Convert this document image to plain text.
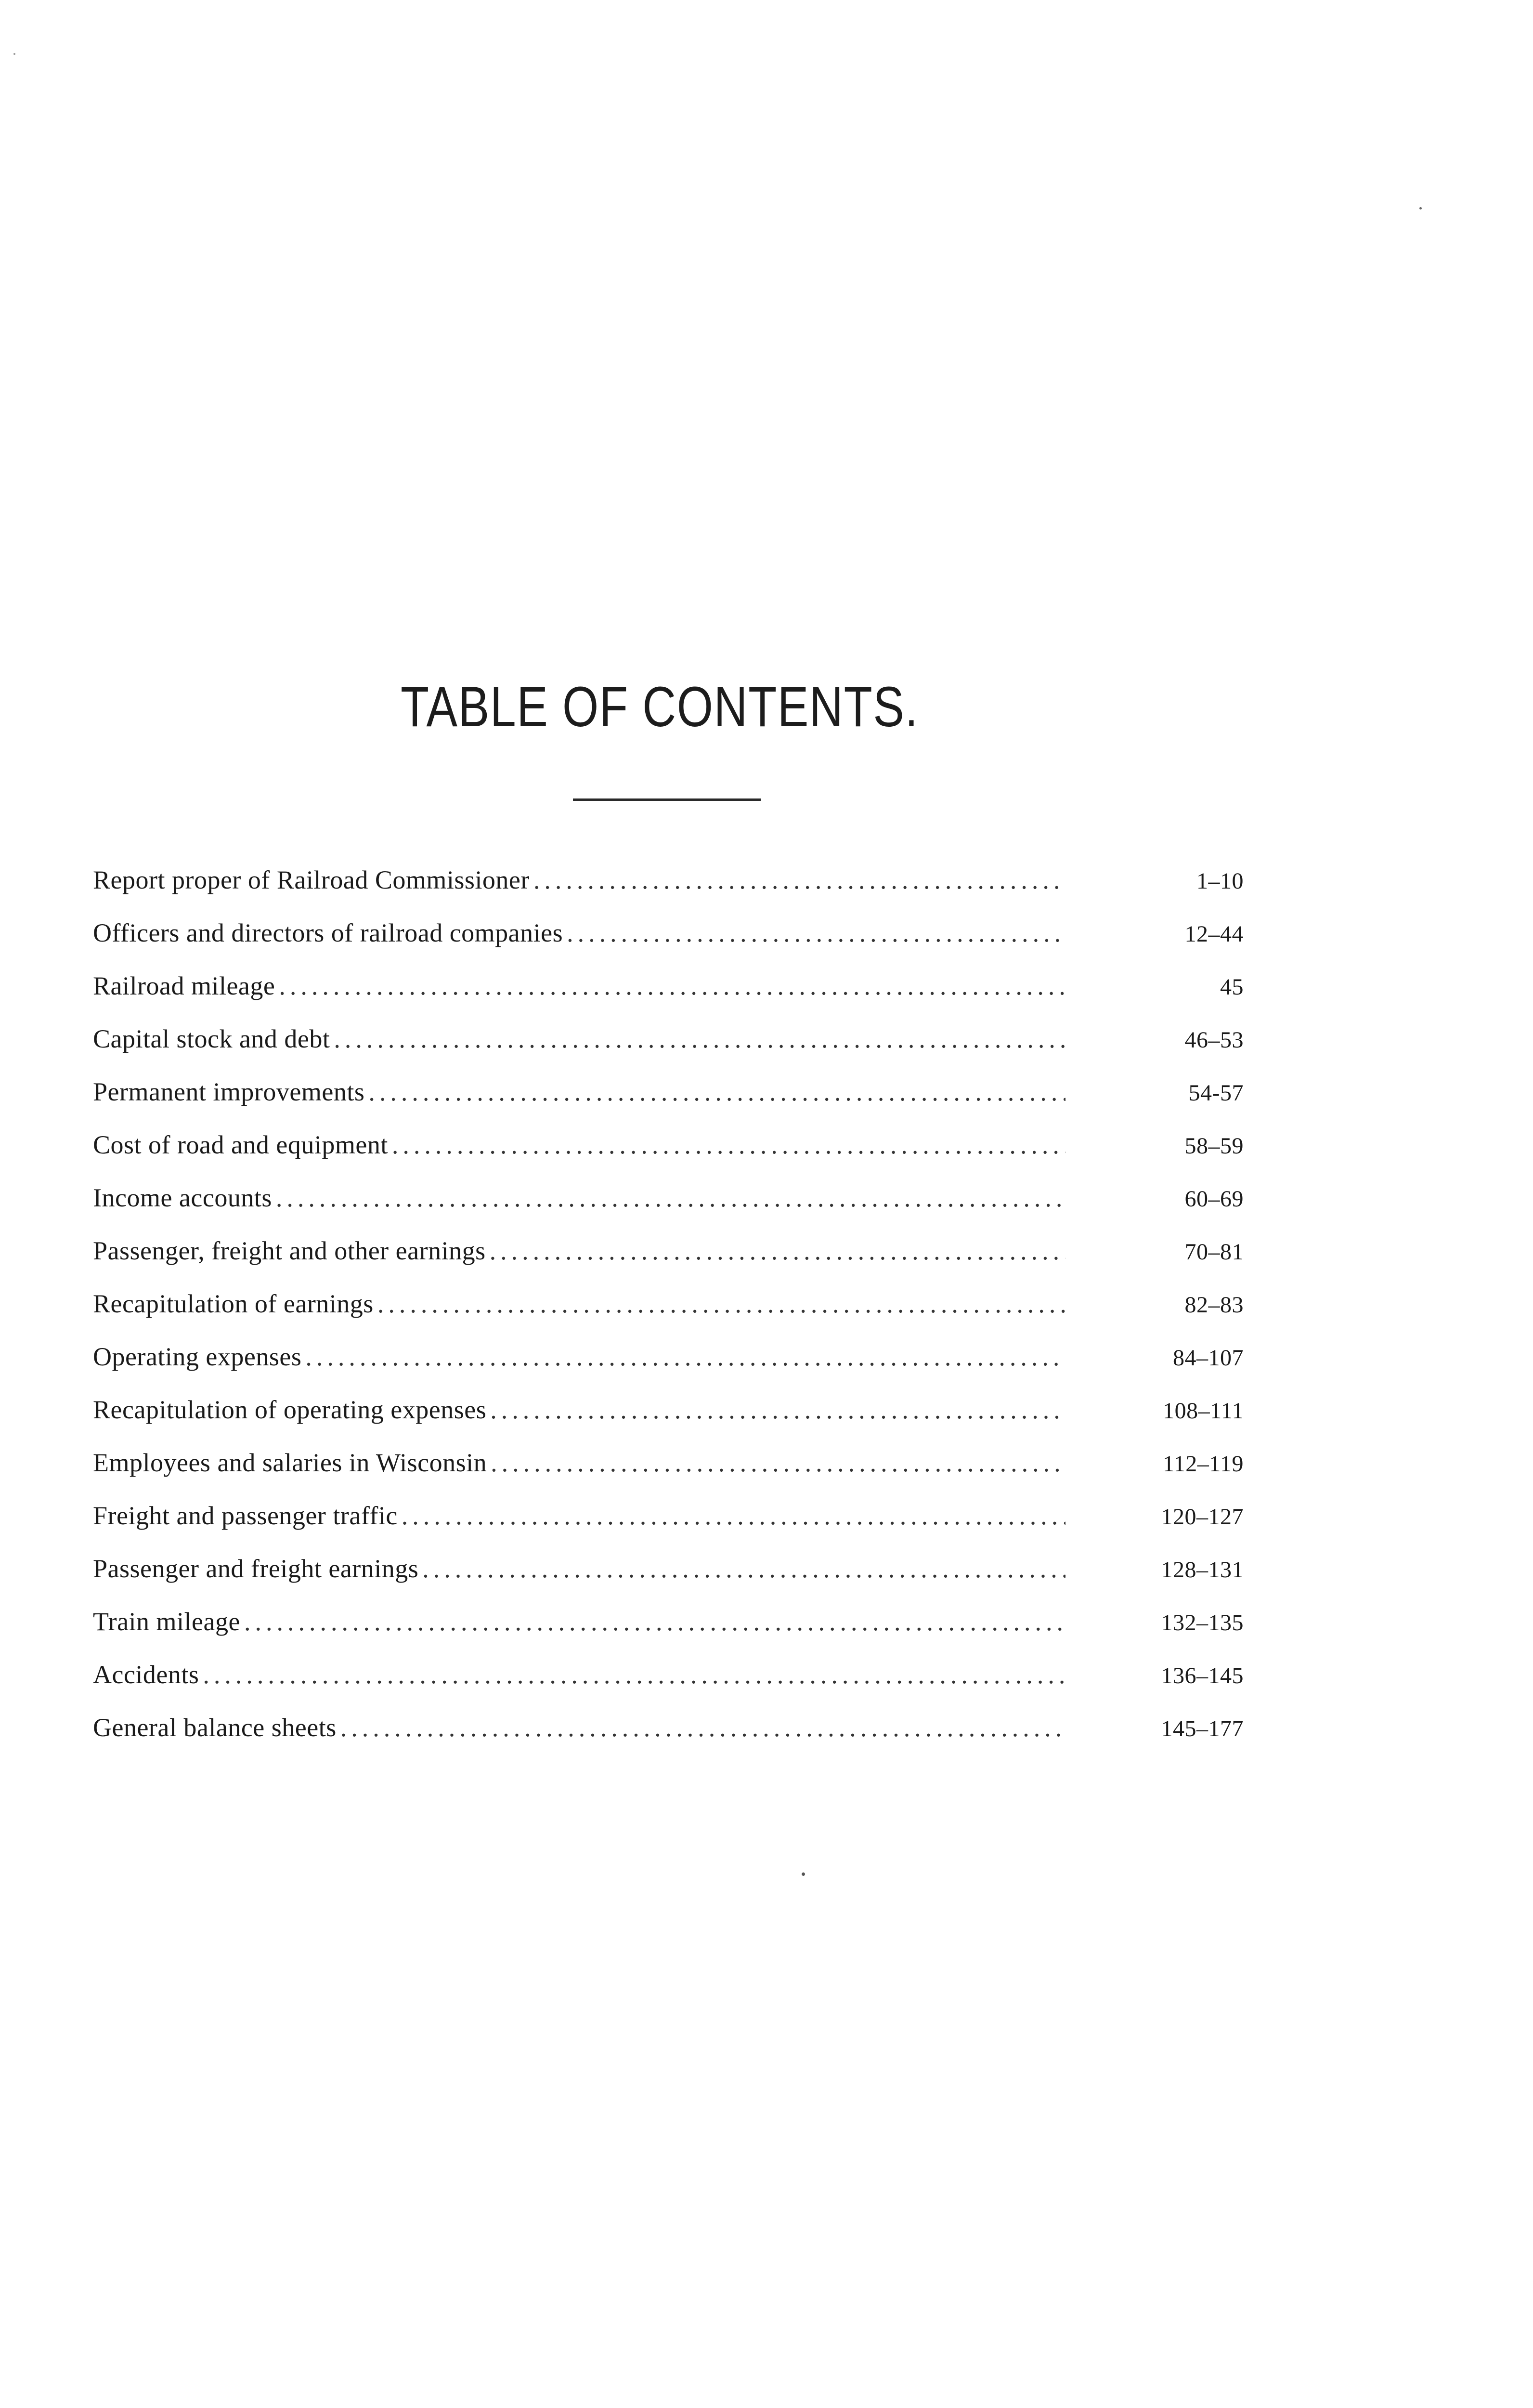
TABLE OF CONTENTS.
Report proper of Railroad Commissioner .....	1–10
Officers and directors of railroad companies .....	12–44
Railroad mileage .....	45
Capital stock and debt .....	46–53
Permanent improvements .....	54-57
Cost of road and equipment .....	58–59
Income accounts .....	60–69
Passenger, freight and other earnings .....	70–81
Recapitulation of earnings .....	82–83
Operating expenses .....	84–107
Recapitulation of operating expenses .....	108–111
Employees and salaries in Wisconsin .....	112–119
Freight and passenger traffic .....	120–127
Passenger and freight earnings .....	128–131
Train mileage .....	132–135
Accidents .....	136–145
General balance sheets .....	145–177
